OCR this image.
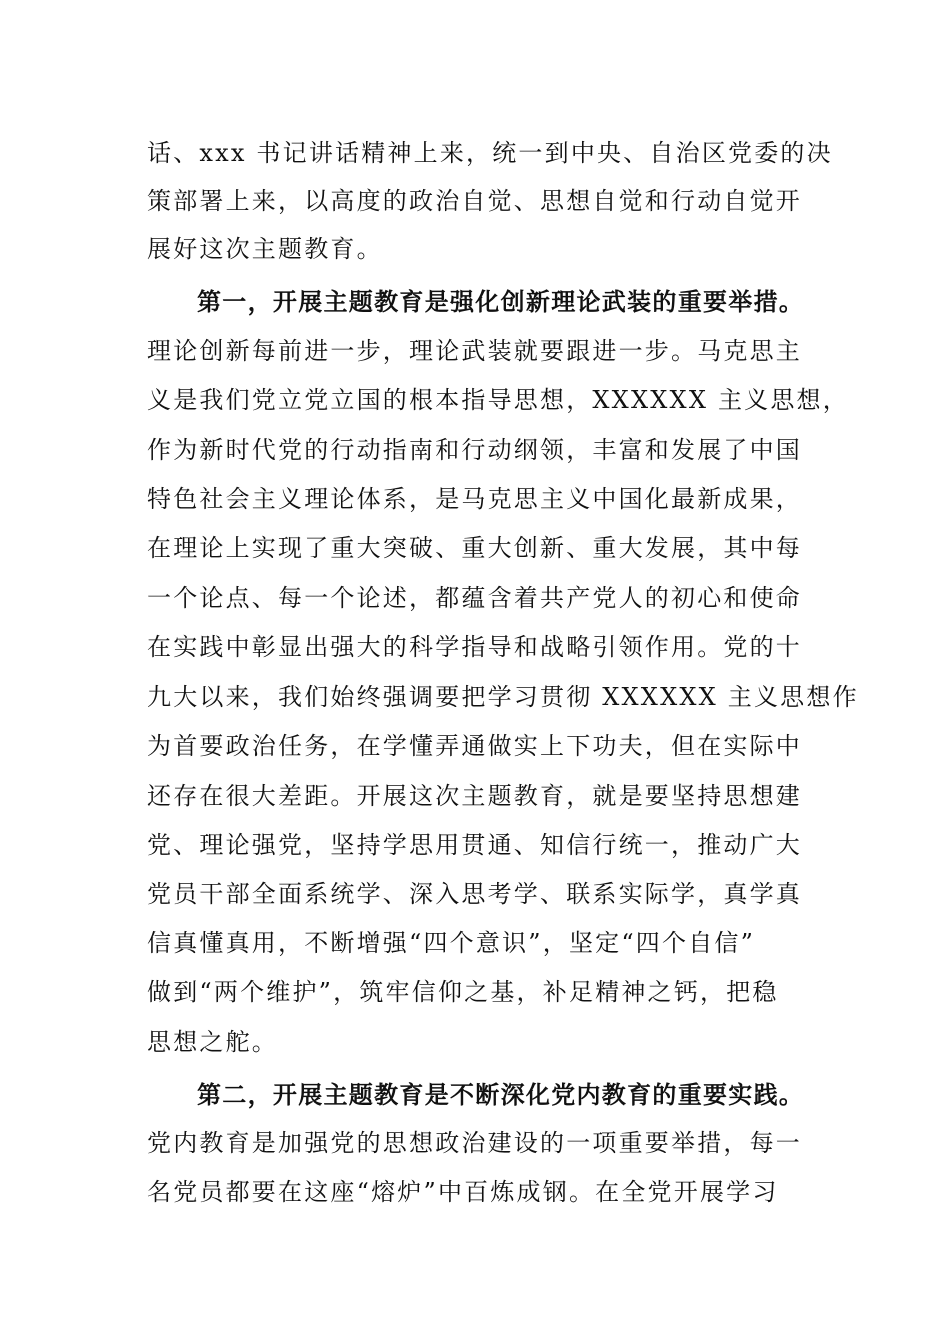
话、xxx 书记讲话精神上来，统一到中央、自治区党委的决
策部署上来，以高度的政治自觉、思想自觉和行动自觉开
展好这次主题教育。
第一，开展主题教育是强化创新理论武装的重要举措。
理论创新每前进一步，理论武装就要跟进一步。马克思主
义是我们党立党立国的根本指导思想，XXXXXX 主义思想，
作为新时代党的行动指南和行动纲领，丰富和发展了中国
特色社会主义理论体系，是马克思主义中国化最新成果，
在理论上实现了重大突破、重大创新、重大发展，其中每
一个论点、每一个论述，都蕴含着共产党人的初心和使命
在实践中彰显出强大的科学指导和战略引领作用。党的十
九大以来，我们始终强调要把学习贯彻 XXXXXX 主义思想作
为首要政治任务，在学懂弄通做实上下功夫，但在实际中
还存在很大差距。开展这次主题教育，就是要坚持思想建
党、理论强党，坚持学思用贯通、知信行统一，推动广大
党员干部全面系统学、深入思考学、联系实际学，真学真
信真懂真用，不断增强“四个意识”，坚定“四个自信”
做到“两个维护”，筑牢信仰之基，补足精神之钙，把稳
思想之舵。
第二，开展主题教育是不断深化党内教育的重要实践。
党内教育是加强党的思想政治建设的一项重要举措，每一
名党员都要在这座“熔炉”中百炼成钢。在全党开展学习
